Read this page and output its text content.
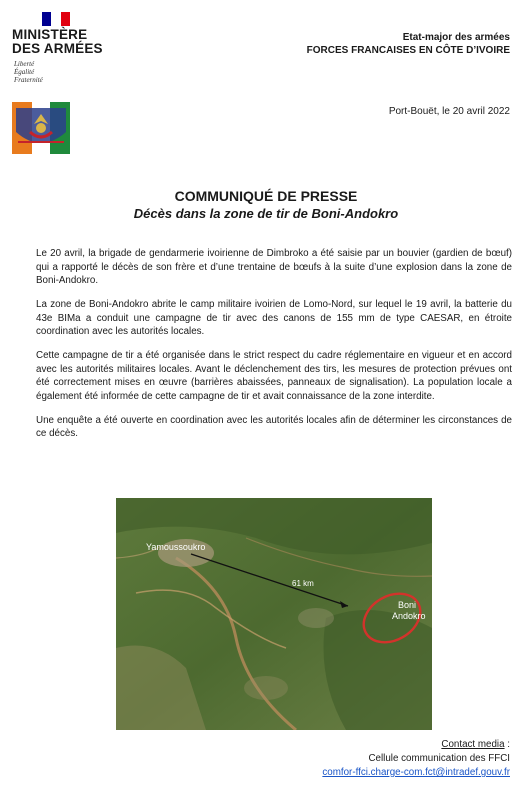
MINISTÈRE
DES ARMÉES
Liberté
Égalité
Fraternité
Etat-major des armées
FORCES FRANCAISES EN CÔTE D’IVOIRE
Port-Bouët, le 20 avril 2022
COMMUNIQUÉ DE PRESSE
Décès dans la zone de tir de Boni-Andokro

Le 20 avril, la brigade de gendarmerie ivoirienne de Dimbroko a été saisie par un bouvier (gardien de bœuf) qui a rapporté le décès de son frère et d’une trentaine de bœufs à la suite d’une explosion dans la zone de Boni-Andokro.

La zone de Boni-Andokro abrite le camp militaire ivoirien de Lomo-Nord, sur lequel le 19 avril, la batterie du 43e BIMa a conduit une campagne de tir avec des canons de 155 mm de type CAESAR, en étroite coordination avec les autorités locales.

Cette campagne de tir a été organisée dans le strict respect du cadre réglementaire en vigueur et en accord avec les autorités militaires locales. Avant le déclenchement des tirs, les mesures de protection prévues ont été correctement mises en œuvre (barrières abaissées, panneaux de signalisation). La population locale a également été informée de cette campagne de tir et avait connaissance de la zone interdite.

Une enquête a été ouverte en coordination avec les autorités locales afin de déterminer les circonstances de ce décès.

Yamoussoukro
61 km
Boni
Andokro
Contact media :
Cellule communication des FFCI
comfor-ffci.charge-com.fct@intradef.gouv.fr
